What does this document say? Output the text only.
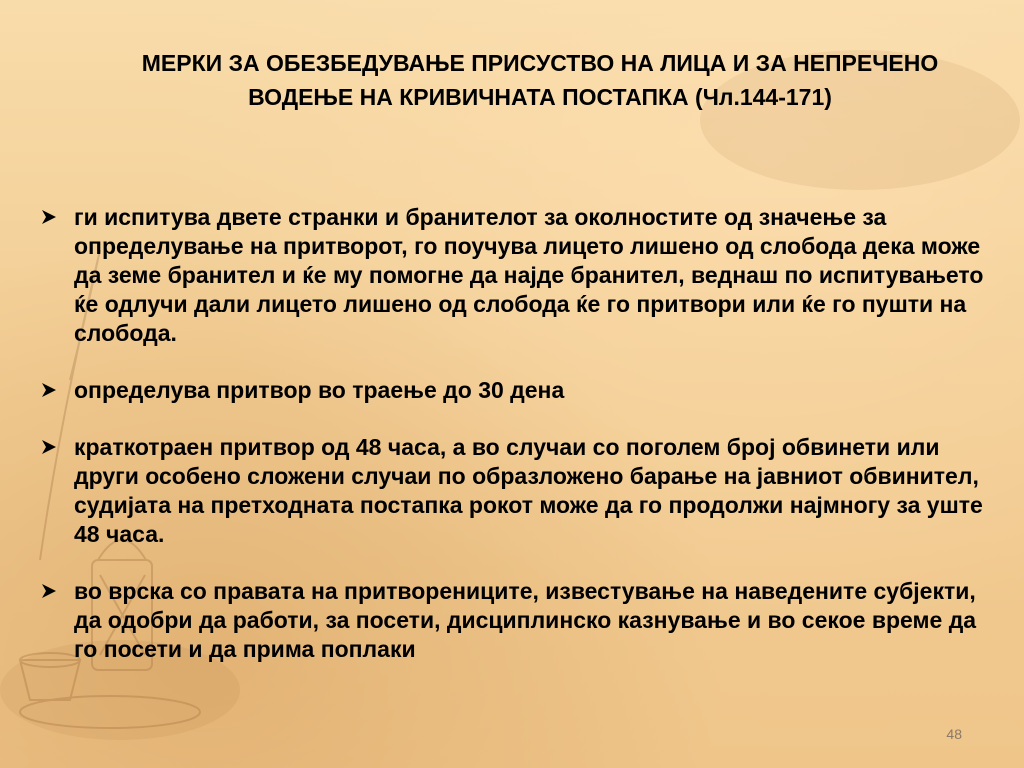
МЕРКИ ЗА ОБЕЗБЕДУВАЊЕ ПРИСУСТВО НА ЛИЦА И ЗА НЕПРЕЧЕНО ВОДЕЊЕ НА КРИВИЧНАТА ПОСТАПКА (Чл.144-171)
ги испитува двете странки и бранителот за околностите од значење за определување на притворот, го поучува лицето лишено од слобода дека може да земе бранител и ќе му помогне да најде бранител, веднаш по испитувањето ќе одлучи дали лицето лишено од слобода ќе го притвори или ќе го пушти на слобода.
определува притвор во траење до 30 дена
краткотраен притвор од 48 часа, а во случаи со поголем број обвинети или други особено сложени случаи по образложено барање на јавниот обвинител, судијата на претходната постапка рокот може да го продолжи најмногу за уште 48 часа.
во врска со правата на притворениците, известување на наведените субјекти, да одобри да работи, за посети, дисциплинско казнување и во секое време да го посети и да прима поплаки
48
